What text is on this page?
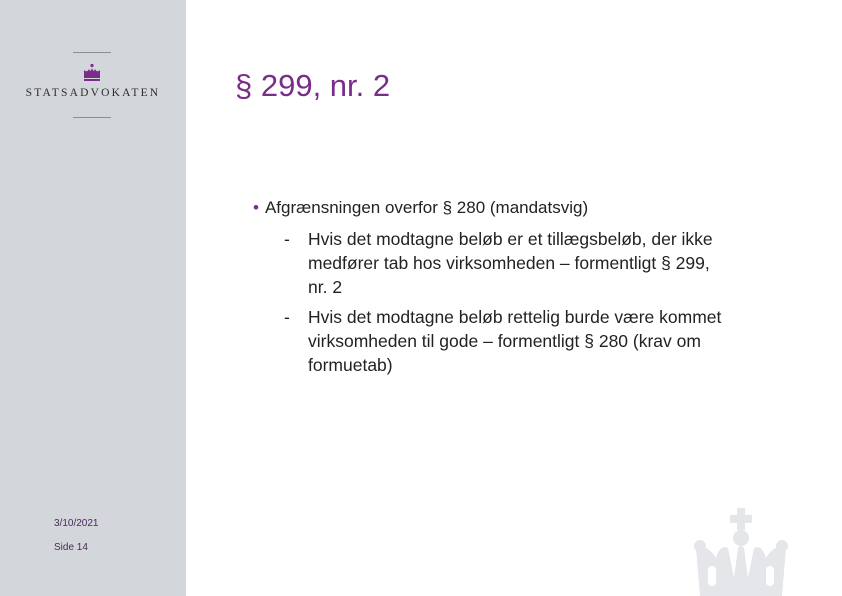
STATSADVOKATEN
3/10/2021
Side 14
§ 299, nr. 2
• Afgrænsningen overfor § 280 (mandatsvig)
- Hvis det modtagne beløb er et tillægsbeløb, der ikke medfører tab hos virksomheden – formentligt § 299, nr. 2
- Hvis det modtagne beløb rettelig burde være kommet virksomheden til gode – formentligt § 280 (krav om formuetab)
